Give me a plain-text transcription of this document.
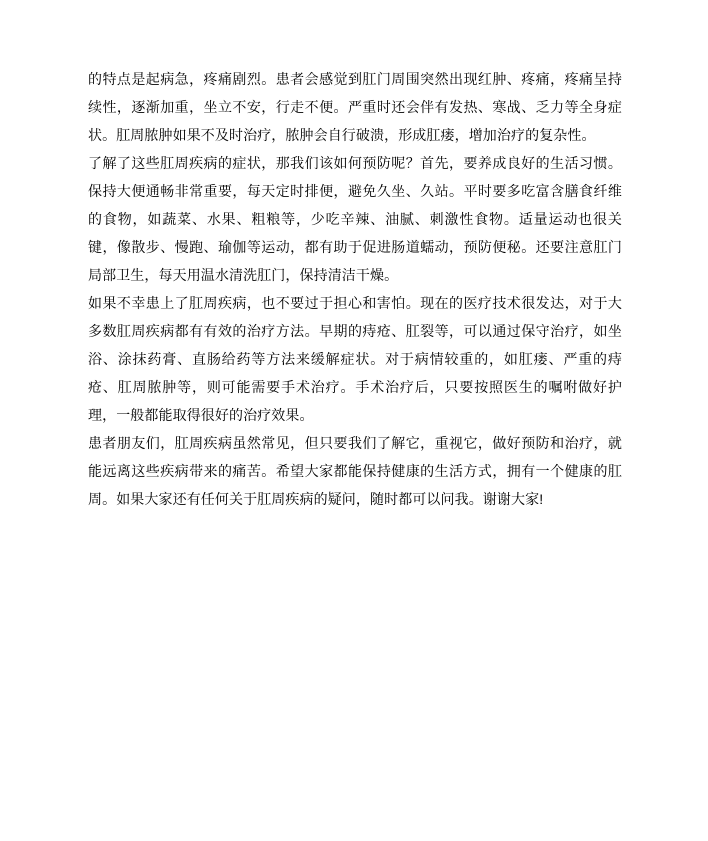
的特点是起病急，疼痛剧烈。患者会感觉到肛门周围突然出现红肿、疼痛，疼痛呈持续性，逐渐加重，坐立不安，行走不便。严重时还会伴有发热、寒战、乏力等全身症状。肛周脓肿如果不及时治疗，脓肿会自行破溃，形成肛瘘，增加治疗的复杂性。

了解了这些肛周疾病的症状，那我们该如何预防呢？首先，要养成良好的生活习惯。保持大便通畅非常重要，每天定时排便，避免久坐、久站。平时要多吃富含膳食纤维的食物，如蔬菜、水果、粗粮等，少吃辛辣、油腻、刺激性食物。适量运动也很关键，像散步、慢跑、瑜伽等运动，都有助于促进肠道蠕动，预防便秘。还要注意肛门局部卫生，每天用温水清洗肛门，保持清洁干燥。

如果不幸患上了肛周疾病，也不要过于担心和害怕。现在的医疗技术很发达，对于大多数肛周疾病都有有效的治疗方法。早期的痔疮、肛裂等，可以通过保守治疗，如坐浴、涂抹药膏、直肠给药等方法来缓解症状。对于病情较重的，如肛瘘、严重的痔疮、肛周脓肿等，则可能需要手术治疗。手术治疗后，只要按照医生的嘱咐做好护理，一般都能取得很好的治疗效果。

患者朋友们，肛周疾病虽然常见，但只要我们了解它，重视它，做好预防和治疗，就能远离这些疾病带来的痛苦。希望大家都能保持健康的生活方式，拥有一个健康的肛周。如果大家还有任何关于肛周疾病的疑问，随时都可以问我。谢谢大家!
